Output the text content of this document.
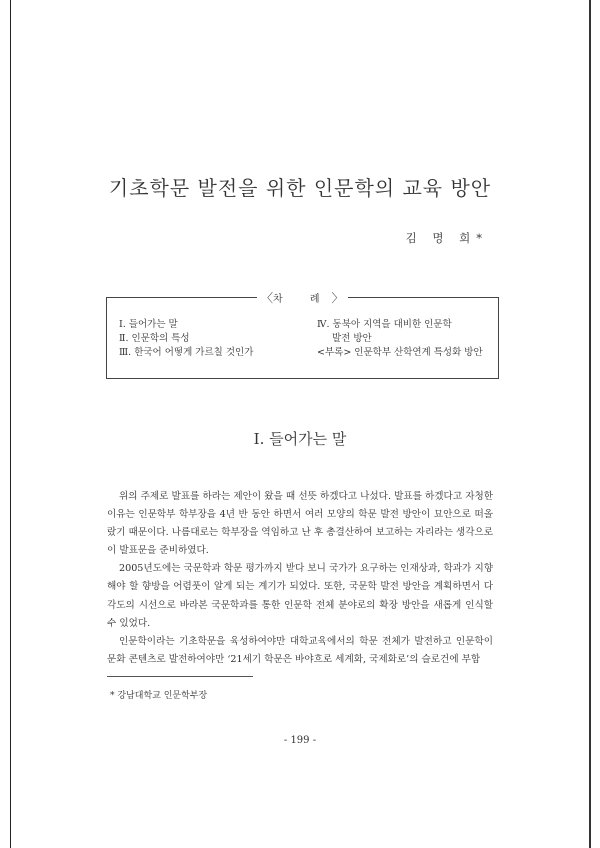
기초학문 발전을 위한 인문학의 교육 방안
김 명 희*
〈 차 례 〉
Ⅰ. 들어가는 말
Ⅱ. 인문학의 특성
Ⅲ. 한국어 어떻게 가르칠 것인가
Ⅳ. 동북아 지역을 대비한 인문학
발전 방안
<부록> 인문학부 산학연계 특성화 방안
Ⅰ. 들어가는 말

위의 주제로 발표를 하라는 제안이 왔을 때 선뜻 하겠다고 나섰다. 발표를 하겠다고 자청한 이유는 인문학부 학부장을 4년 반 동안 하면서 여러 모양의 학문 발전 방안이 묘안으로 떠올랐기 때문이다. 나름대로는 학부장을 역임하고 난 후 총결산하여 보고하는 자리라는 생각으로 이 발표문을 준비하였다.

2005년도에는 국문학과 학문 평가까지 받다 보니 국가가 요구하는 인재상과, 학과가 지향해야 할 향방을 어렴풋이 알게 되는 계기가 되었다. 또한, 국문학 발전 방안을 계획하면서 다각도의 시선으로 바라본 국문학과를 통한 인문학 전체 분야로의 확장 방안을 새롭게 인식할 수 있었다.

인문학이라는 기초학문을 육성하여야만 대학교육에서의 학문 전체가 발전하고 인문학이 문화 콘텐츠로 발전하여야만 ‘21세기 학문은 바야흐로 세계화, 국제화로’의 슬로건에 부합

* 강남대학교 인문학부장
- 199 -
